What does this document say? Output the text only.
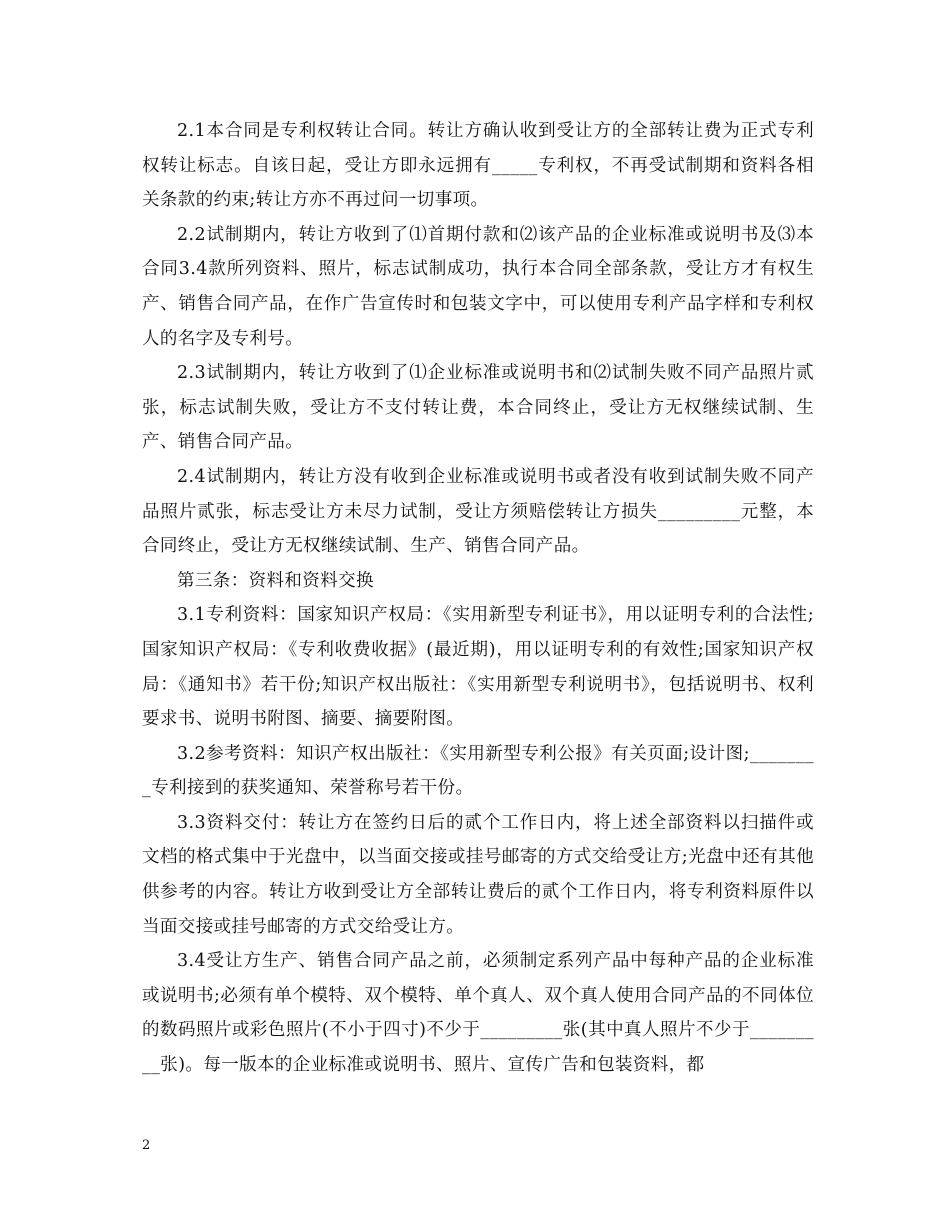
2.1本合同是专利权转让合同。转让方确认收到受让方的全部转让费为正式专利权转让标志。自该日起，受让方即永远拥有_____专利权，不再受试制期和资料各相关条款的约束;转让方亦不再过问一切事项。

2.2试制期内，转让方收到了⑴首期付款和⑵该产品的企业标准或说明书及⑶本合同3.4款所列资料、照片，标志试制成功，执行本合同全部条款，受让方才有权生产、销售合同产品，在作广告宣传时和包装文字中，可以使用专利产品字样和专利权人的名字及专利号。

2.3试制期内，转让方收到了⑴企业标准或说明书和⑵试制失败不同产品照片贰张，标志试制失败，受让方不支付转让费，本合同终止，受让方无权继续试制、生产、销售合同产品。

2.4试制期内，转让方没有收到企业标准或说明书或者没有收到试制失败不同产品照片贰张，标志受让方未尽力试制，受让方须赔偿转让方损失_________元整，本合同终止，受让方无权继续试制、生产、销售合同产品。

第三条：资料和资料交换

3.1专利资料：国家知识产权局：《实用新型专利证书》，用以证明专利的合法性;国家知识产权局：《专利收费收据》(最近期)，用以证明专利的有效性;国家知识产权局：《通知书》若干份;知识产权出版社：《实用新型专利说明书》，包括说明书、权利要求书、说明书附图、摘要、摘要附图。

3.2参考资料：知识产权出版社：《实用新型专利公报》有关页面;设计图;________专利接到的获奖通知、荣誉称号若干份。

3.3资料交付：转让方在签约日后的贰个工作日内，将上述全部资料以扫描件或文档的格式集中于光盘中，以当面交接或挂号邮寄的方式交给受让方;光盘中还有其他供参考的内容。转让方收到受让方全部转让费后的贰个工作日内，将专利资料原件以当面交接或挂号邮寄的方式交给受让方。

3.4受让方生产、销售合同产品之前，必须制定系列产品中每种产品的企业标准或说明书;必须有单个模特、双个模特、单个真人、双个真人使用合同产品的不同体位的数码照片或彩色照片(不小于四寸)不少于_________张(其中真人照片不少于_________张)。每一版本的企业标准或说明书、照片、宣传广告和包装资料，都

2
